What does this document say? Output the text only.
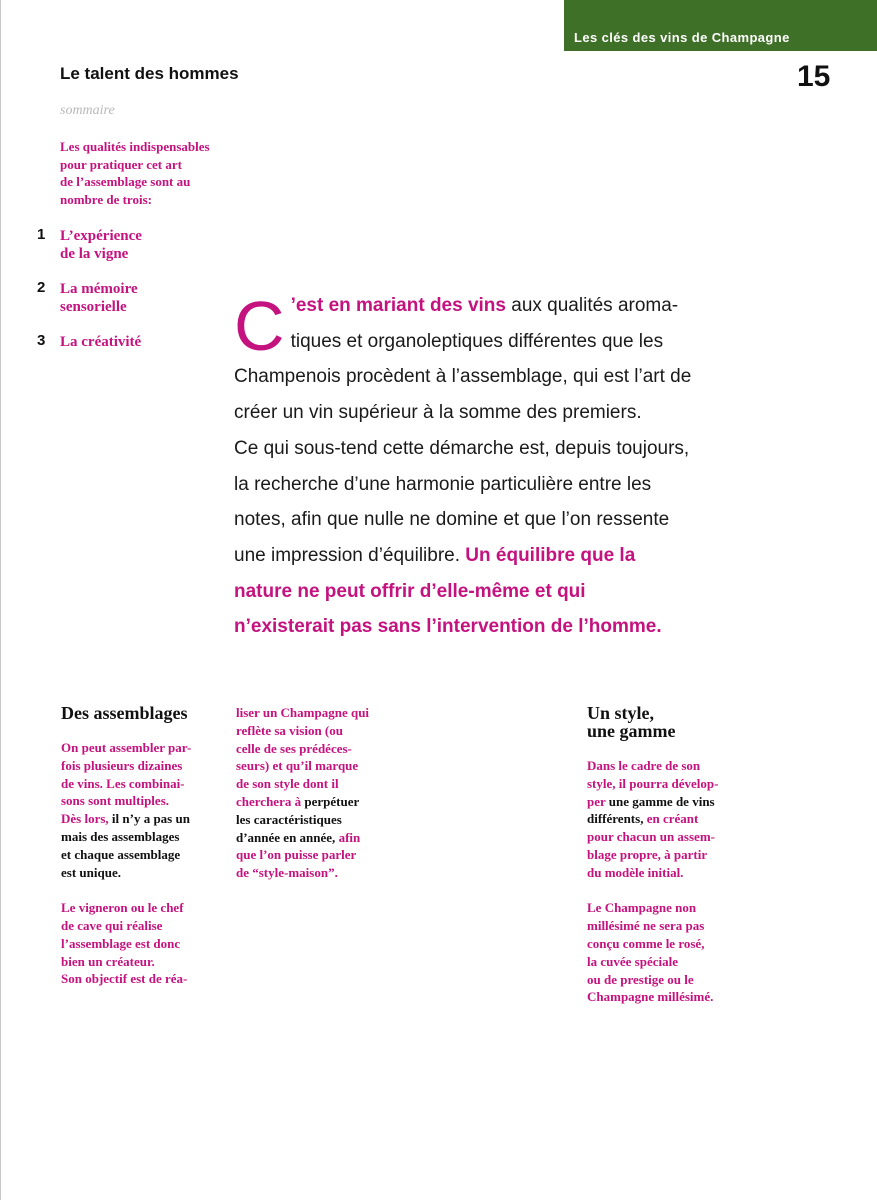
Les clés des vins de Champagne
Le talent des hommes	15
sommaire
Les qualités indispensables
pour pratiquer cet art
de l’assemblage sont au
nombre de trois:
1 L’expérience
de la vigne
2 La mémoire
sensorielle
3 La créativité	C ’est en mariant des vins aux qualités aroma-
tiques et organoleptiques différentes que les
Champenois procèdent à l’assemblage, qui est l’art de
créer un vin supérieur à la somme des premiers.
Ce qui sous-tend cette démarche est, depuis toujours,
la recherche d’une harmonie particulière entre les
notes, afin que nulle ne domine et que l’on ressente
une impression d’équilibre. Un équilibre que la
nature ne peut offrir d’elle-même et qui
n’existerait pas sans l’intervention de l’homme.
Des assemblages

On peut assembler par-

fois plusieurs dizaines

de vins. Les combinai-

sons sont multiples.

Dès lors, il n’y a pas un

mais des assemblages

et chaque assemblage

est unique.

Le vigneron ou le chef

de cave qui réalise

l’assemblage est donc

bien un créateur.

Son objectif est de réa-

liser un Champagne qui

reflète sa vision (ou

celle de ses prédéces-

seurs) et qu’il marque

de son style dont il

cherchera à perpétuer

les caractéristiques

d’année en année, afin

que l’on puisse parler

de “style-maison”.

Un style,
une gamme

Dans le cadre de son

style, il pourra dévelop-

per une gamme de vins

différents, en créant

pour chacun un assem-

blage propre, à partir

du modèle initial.

Le Champagne non

millésimé ne sera pas

conçu comme le rosé,

la cuvée spéciale

ou de prestige ou le

Champagne millésimé.
